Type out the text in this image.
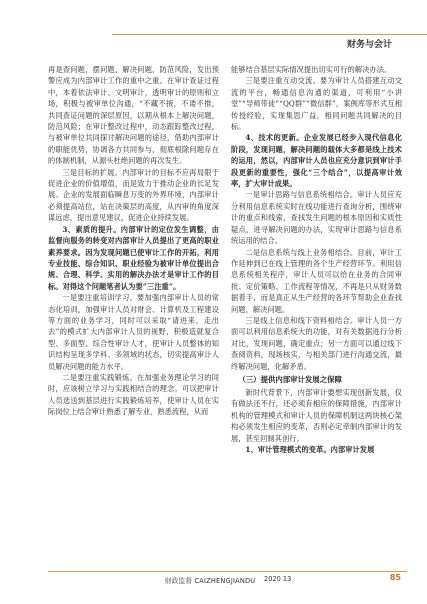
财务与会计

再是查问题，摆问题，解决问题，防范风险，发出预警应成为内部审计工作的重中之重。在审计查证过程中，本着依法审计、文明审计，透明审计的原则和立场，积极与被审单位沟通，“不藏不掖，不诿不推，共同查证问题的深层原因，以期从根本上解决问题，防范风险；在审计整改过程中，动态跟踪整改过程，与被审单位共同探讨解决问题的途径，借助内部审计的职能优势，协调各方共同参与，彻底根除问题存在的体制机制，从源头杜绝问题的再次发生。

三是目标的扩展。内部审计的目标不应再局限于促进企业的价值增值，而是致力于推动企业的长足发展。企业的发展面临瞬息万变的外界环境，内部审计必须提高站位，站在决策层的高度，从内审的角度深谋远虑，提出意见建议，促进企业持续发展。

3、素质的提升。内部审计的定位发生调整，由监督向服务的转变对内部审计人员提出了更高的职业素养要求。因为发现问题已使审计工作的开拓，利用专业技能、综合知识、职业经验为被审计单位提出合规、合理、科学、实用的解决办法才是审计工作的目标。对得这个问题笔者认为要“三注重”。

一是要注重培训学习。要加强内部审计人员的常态化培训，加强审计人员对财会、计算机及工程建设等方面的业务学习，同时可以采取“请进来，走出去”的模式扩大内部审计人员的视野，积极造就复合型、多面型、综合性审计人才，使审计人员整体的知识结构呈现多学科、多领域的状态，切实提高审计人员解决问题的能力水平。

二是要注重实践锻炼。在加强业务理论学习的同时，应该树立学习与实践相结合的理念。可以把审计人员选送到基层进行实践锻炼培养，使审计人员在实际岗位上结合审计熟悉了解专业，熟悉流程，从而

能够结合基层实际情况提出切实可行的解决办法。

三是要注重互动交流。要为审计人员搭建互动交流的平台，畅通信息沟通的渠道，可利用“小讲堂”“导师带徒”“QQ群”“微信群”，案例库等形式互相传授经验，实现集思广益，相同问题共同解决的目标。

4、技术的更新。企业发展已经步入现代信息化阶段，发现问题，解决问题的载体大多都是线上技术的运用，然以，内部审计人员也应充分意识到审计手段更新的重要性，强化“三个结合”，以提高审计效率，扩大审计成果。

一是审计思路与信息系统相结合。审计人员应充分利用信息系统实时在线功能进行查询分析，围绕审计的重点和线索，查找发生问题的根本原因和实质性疑点，进寻解决问题的办法，实现审计思路与信息系统运用的结合。

二是信息系统与线上业务相结合。目前，审计工作延伸到已在线上管理的各个生产经营环节。利用信息系统相关程序，审计人员可以给在业务的合同审批、定价策略、工作流程等情况，不再是只从财务数据着手，而是真正从生产经营的各环节帮助企业查找问题，解决问题。

三是线上信息和线下资料相结合。审计人员一方面可以利用信息系统大的功能，对有关数据进行分析对比，发现问题，确定重点；另一方面可以通过线下查阅资料，现场核实，与相关部门进行沟通交流，最终解决问题，化解矛盾。

（三）提供内部审计发展之保障

新时代背景下，内部审计要想实现创新发展，仅有做法还不行，还必须有相应的保障措施，内部审计机构的管理模式和审计人员的保障机制这两块核心架构必须发生相应的变革，否则必定牵制内部审计的发展，甚至回制其创行。

1、审计管理模式的变革。内部审计发展

财政监督 CAIZHENGJIANDU 2020 13	85
